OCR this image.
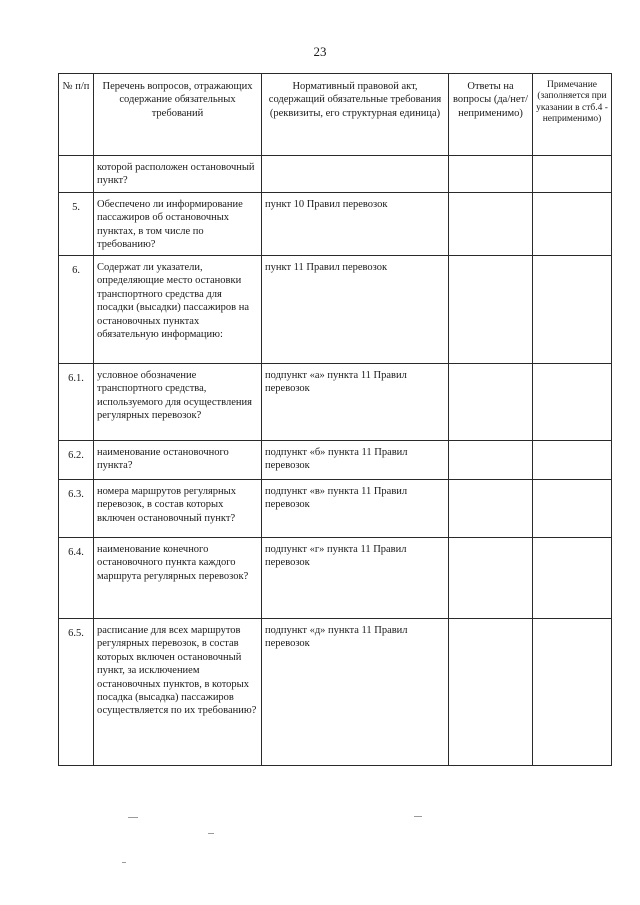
23
№ п/п	Перечень вопросов, отражающих содержание обязательных требований	Нормативный правовой акт, содержащий обязательные требования (реквизиты, его структурная единица)	Ответы на вопросы (да/нет/ неприменимо)	Примечание (заполняется при указании в стб.4 - неприменимо)
	которой расположен остановочный пункт?			
5.	Обеспечено ли информирование пассажиров об остановочных пунктах, в том числе по требованию?	пункт 10 Правил перевозок		
6.	Содержат ли указатели, определяющие место остановки транспортного средства для посадки (высадки) пассажиров на остановочных пунктах обязательную информацию:	пункт 11 Правил перевозок		
6.1.	условное обозначение транспортного средства, используемого для осуществления регулярных перевозок?	подпункт «а» пункта 11 Правил перевозок		
6.2.	наименование остановочного пункта?	подпункт «б» пункта 11 Правил перевозок		
6.3.	номера маршрутов регулярных перевозок, в состав которых включен остановочный пункт?	подпункт «в» пункта 11 Правил перевозок		
6.4.	наименование конечного остановочного пункта каждого маршрута регулярных перевозок?	подпункт «г» пункта 11 Правил перевозок		
6.5.	расписание для всех маршрутов регулярных перевозок, в состав которых включен остановочный пункт, за исключением остановочных пунктов, в которых посадка (высадка) пассажиров осуществляется по их требованию?	подпункт «д» пункта 11 Правил перевозок		
